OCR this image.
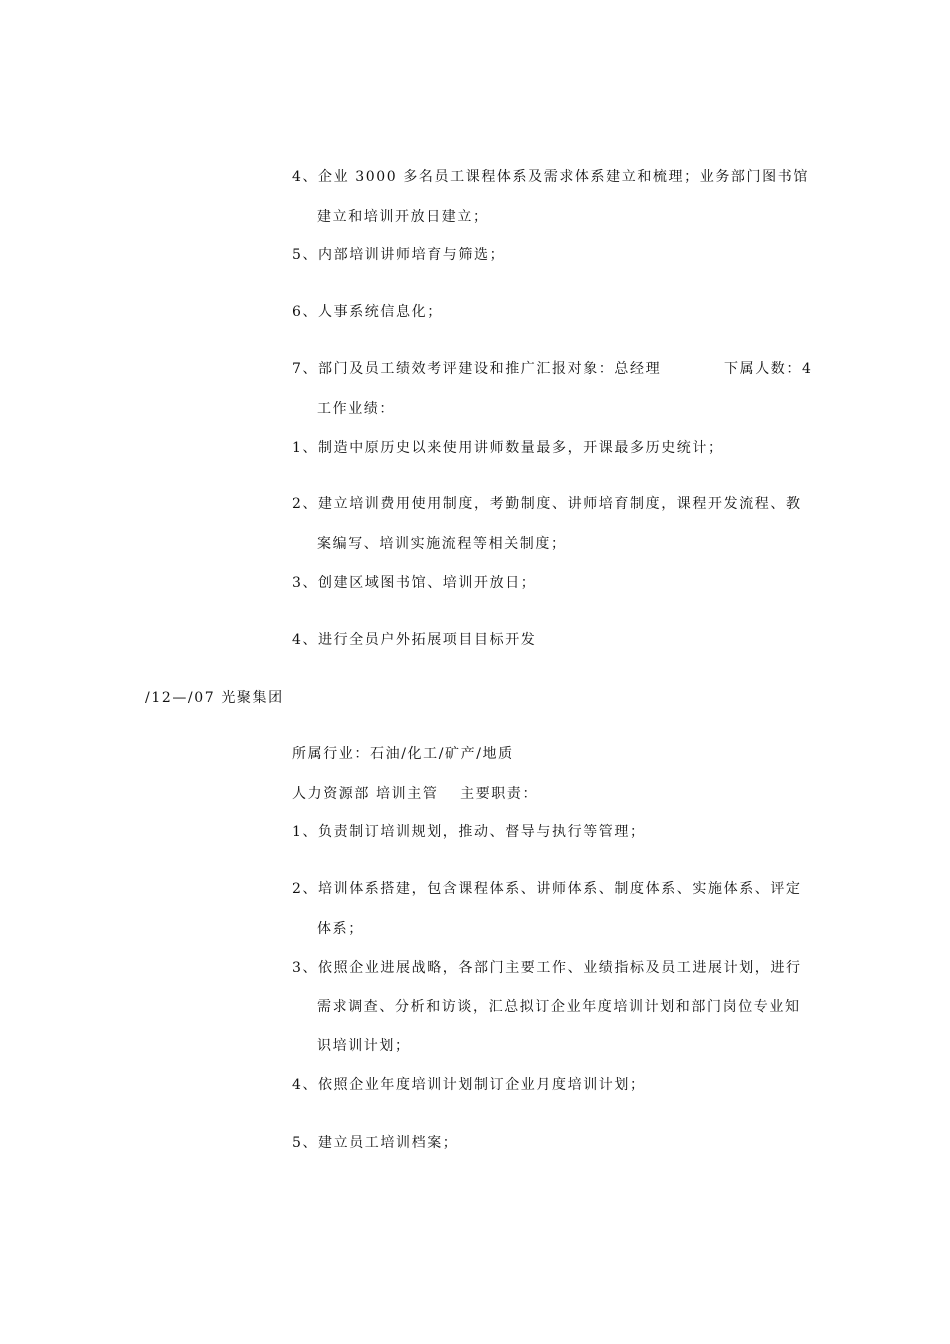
4、企业 3000 多名员工课程体系及需求体系建立和梳理；业务部门图书馆
建立和培训开放日建立；
5、内部培训讲师培育与筛选；
6、人事系统信息化；
7、部门及员工绩效考评建设和推广汇报对象：总经理	下属人数：4
工作业绩：
1、制造中原历史以来使用讲师数量最多，开课最多历史统计；
2、建立培训费用使用制度，考勤制度、讲师培育制度，课程开发流程、教
案编写、培训实施流程等相关制度；
3、创建区域图书馆、培训开放日；
4、进行全员户外拓展项目目标开发
/12—/07 光聚集团
所属行业：石油/化工/矿产/地质
人力资源部 培训主管　 主要职责：
1、负责制订培训规划，推动、督导与执行等管理；
2、培训体系搭建，包含课程体系、讲师体系、制度体系、实施体系、评定
体系；
3、依照企业进展战略，各部门主要工作、业绩指标及员工进展计划，进行
需求调查、分析和访谈，汇总拟订企业年度培训计划和部门岗位专业知
识培训计划；
4、依照企业年度培训计划制订企业月度培训计划；
5、建立员工培训档案；
